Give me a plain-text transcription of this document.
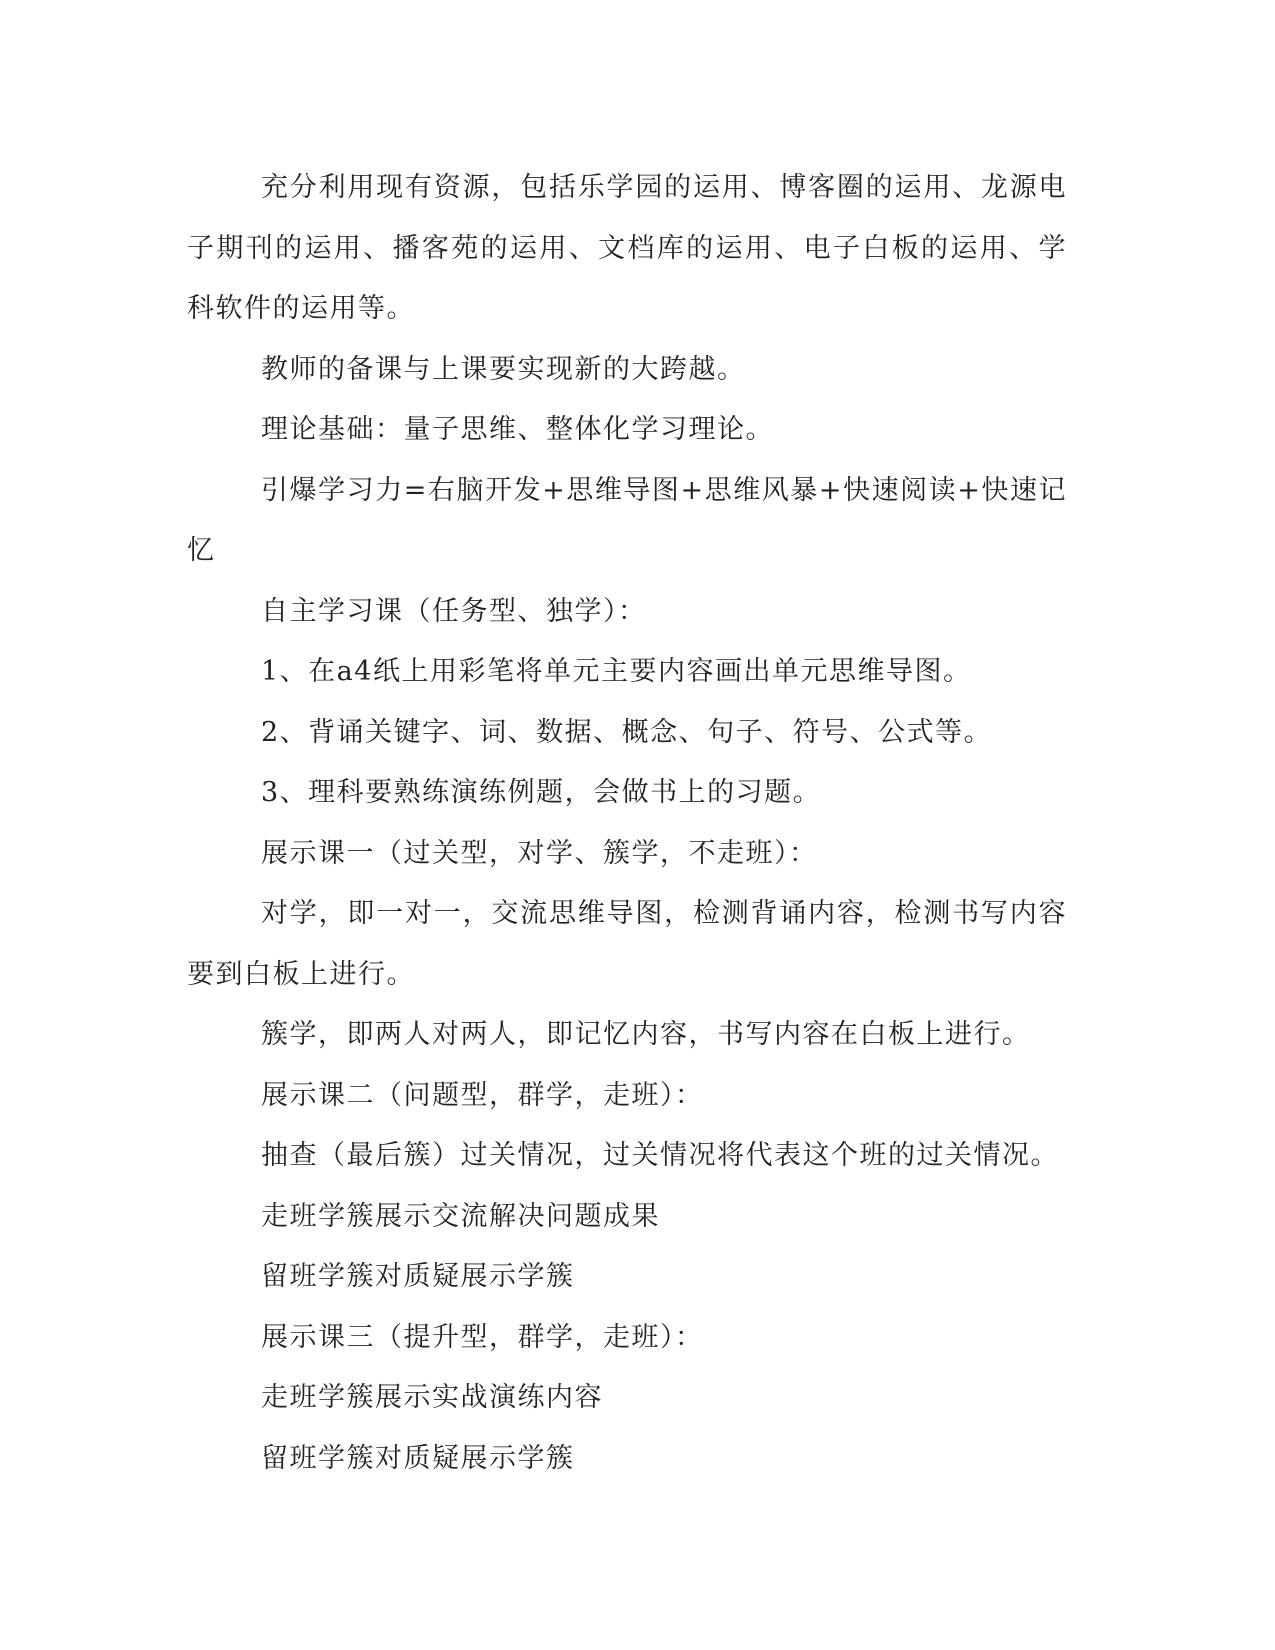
充分利用现有资源，包括乐学园的运用、博客圈的运用、龙源电子期刊的运用、播客苑的运用、文档库的运用、电子白板的运用、学科软件的运用等。

教师的备课与上课要实现新的大跨越。

理论基础：量子思维、整体化学习理论。

引爆学习力=右脑开发+思维导图+思维风暴+快速阅读+快速记忆

自主学习课（任务型、独学）：

1、在a4纸上用彩笔将单元主要内容画出单元思维导图。

2、背诵关键字、词、数据、概念、句子、符号、公式等。

3、理科要熟练演练例题，会做书上的习题。

展示课一（过关型，对学、簇学，不走班）：

对学，即一对一，交流思维导图，检测背诵内容，检测书写内容要到白板上进行。

簇学，即两人对两人，即记忆内容，书写内容在白板上进行。

展示课二（问题型，群学，走班）：

抽查（最后簇）过关情况，过关情况将代表这个班的过关情况。

走班学簇展示交流解决问题成果

留班学簇对质疑展示学簇

展示课三（提升型，群学，走班）：

走班学簇展示实战演练内容

留班学簇对质疑展示学簇
